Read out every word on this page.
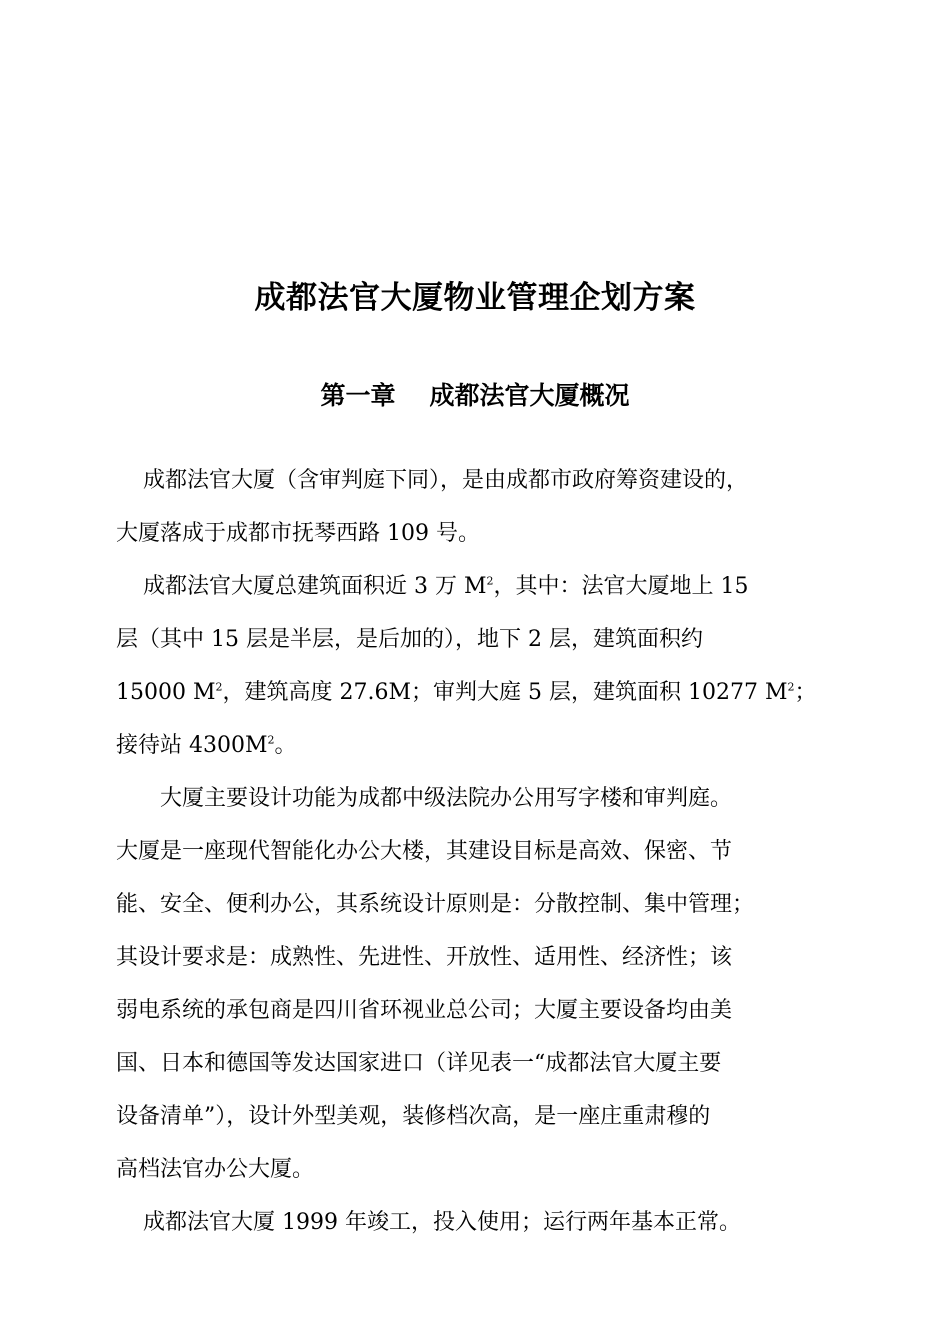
成都法官大厦物业管理企划方案
第一章 成都法官大厦概况
成都法官大厦（含审判庭下同），是由成都市政府筹资建设的，
大厦落成于成都市抚琴西路 109 号。
成都法官大厦总建筑面积近 3 万 $M^2$，其中：法官大厦地上 15
层（其中 15 层是半层，是后加的），地下 2 层，建筑面积约
15000 $M^2$，建筑高度 27.6M；审判大庭 5 层，建筑面积 10277 $M^2$；
接待站 $4300M^2$。
大厦主要设计功能为成都中级法院办公用写字楼和审判庭。
大厦是一座现代智能化办公大楼，其建设目标是高效、保密、节
能、安全、便利办公，其系统设计原则是：分散控制、集中管理；
其设计要求是：成熟性、先进性、开放性、适用性、经济性；该
弱电系统的承包商是四川省环视业总公司；大厦主要设备均由美
国、日本和德国等发达国家进口（详见表一“成都法官大厦主要
设备清单”），设计外型美观，装修档次高，是一座庄重肃穆的
高档法官办公大厦。
成都法官大厦 1999 年竣工，投入使用；运行两年基本正常。
